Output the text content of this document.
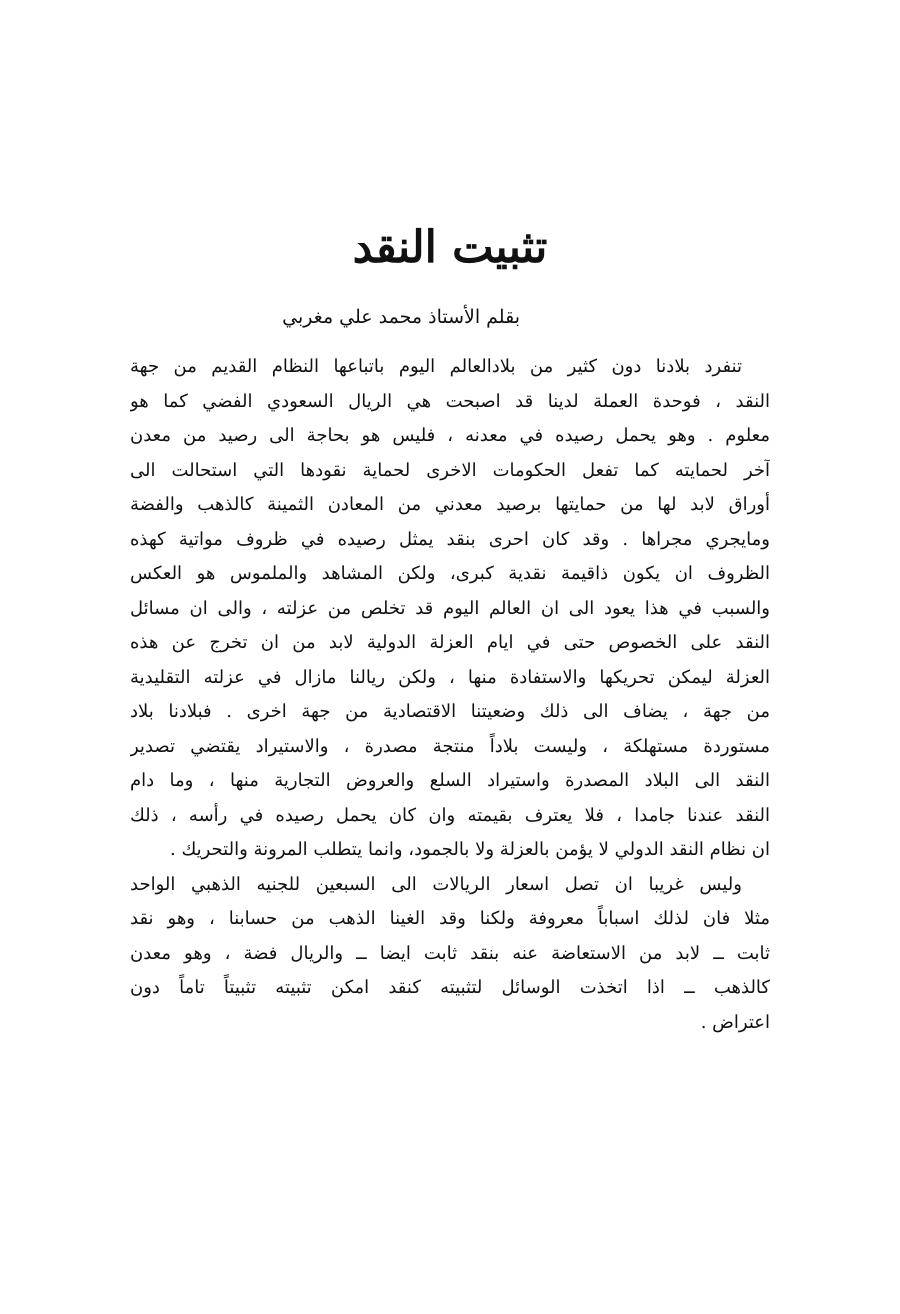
تثبيت النقد
بقلم الأستاذ محمد علي مغربي
تنفرد بلادنا دون كثير من بلادالعالم اليوم باتباعها النظام القديم من جهة
النقد ، فوحدة العملة لدينا قد اصبحت هي الريال السعودي الفضي كما هو
معلوم . وهو يحمل رصيده في معدنه ، فليس هو بحاجة الى رصيد من معدن
آخر لحمايته كما تفعل الحكومات الاخرى لحماية نقودها التي استحالت الى
أوراق لابد لها من حمايتها برصيد معدني من المعادن الثمينة كالذهب والفضة
ومايجري مجراها . وقد كان احرى بنقد يمثل رصيده في ظروف مواتية كهذه
الظروف ان يكون ذاقيمة نقدية كبرى، ولكن المشاهد والملموس هو العكس
والسبب في هذا يعود الى ان العالم اليوم قد تخلص من عزلته ، والى ان مسائل
النقد على الخصوص حتى في ايام العزلة الدولية لابد من ان تخرج عن هذه
العزلة ليمكن تحريكها والاستفادة منها ، ولكن ريالنا مازال في عزلته التقليدية
من جهة ، يضاف الى ذلك وضعيتنا الاقتصادية من جهة اخرى . فبلادنا بلاد
مستوردة مستهلكة ، وليست بلاداً منتجة مصدرة ، والاستيراد يقتضي تصدير
النقد الى البلاد المصدرة واستيراد السلع والعروض التجارية منها ، وما دام
النقد عندنا جامدا ، فلا يعترف بقيمته وان كان يحمل رصيده في رأسه ، ذلك
ان نظام النقد الدولي لا يؤمن بالعزلة ولا بالجمود، وانما يتطلب المرونة والتحريك .
وليس غريبا ان تصل اسعار الريالات الى السبعين للجنيه الذهبي الواحد
مثلا فان لذلك اسباباً معروفة ولكنا وقد الغينا الذهب من حسابنا ، وهو نقد
ثابت ــ لابد من الاستعاضة عنه بنقد ثابت ايضا ــ والريال فضة ، وهو معدن
كالذهب ــ اذا اتخذت الوسائل لتثبيته كنقد امكن تثبيته تثبيتاً تاماً دون
اعتراض .
